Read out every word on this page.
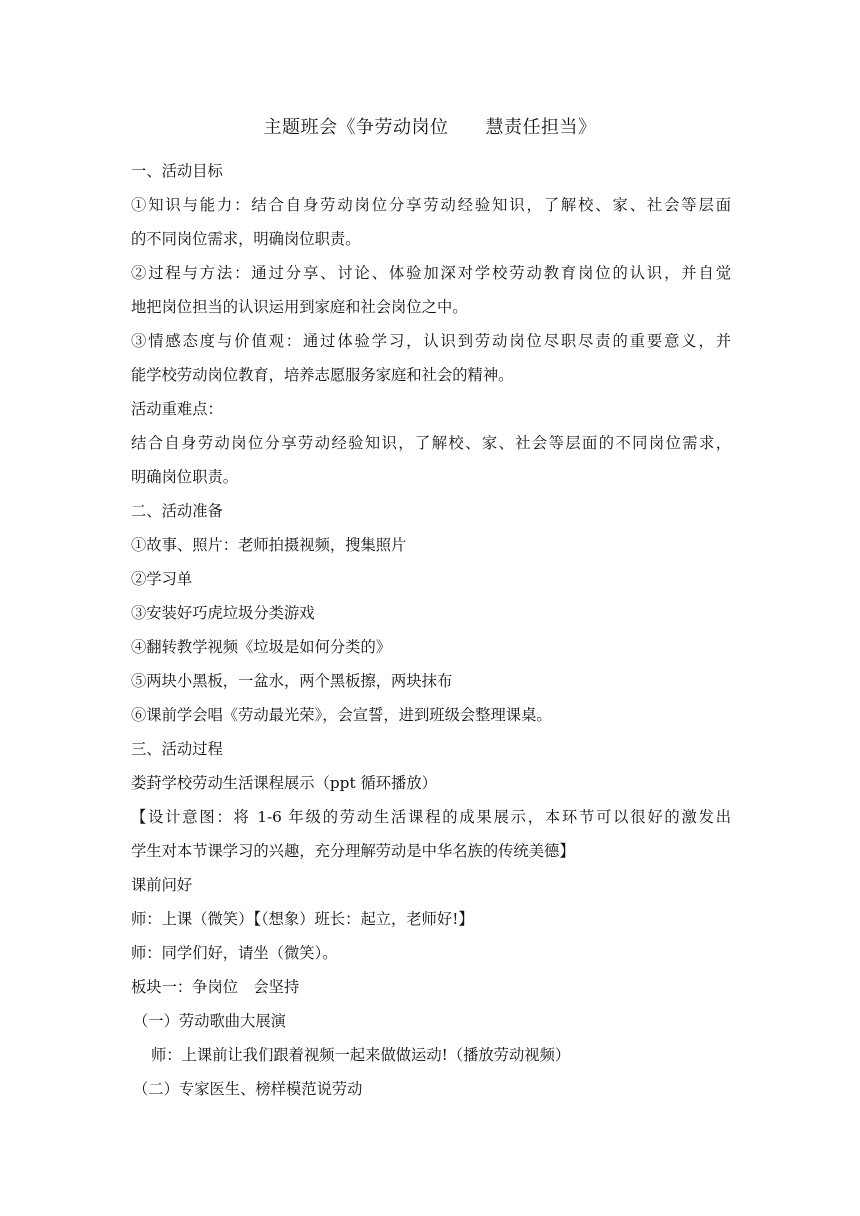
主题班会《争劳动岗位　　慧责任担当》
一、活动目标
①知识与能力：结合自身劳动岗位分享劳动经验知识，了解校、家、社会等层面
的不同岗位需求，明确岗位职责。
②过程与方法：通过分享、讨论、体验加深对学校劳动教育岗位的认识，并自觉
地把岗位担当的认识运用到家庭和社会岗位之中。
③情感态度与价值观：通过体验学习，认识到劳动岗位尽职尽责的重要意义，并
能学校劳动岗位教育，培养志愿服务家庭和社会的精神。
活动重难点：
结合自身劳动岗位分享劳动经验知识，了解校、家、社会等层面的不同岗位需求，
明确岗位职责。
二、活动准备
①故事、照片：老师拍摄视频，搜集照片
②学习单
③安装好巧虎垃圾分类游戏
④翻转教学视频《垃圾是如何分类的》
⑤两块小黑板，一盆水，两个黑板擦，两块抹布
⑥课前学会唱《劳动最光荣》，会宣誓，进到班级会整理课桌。
三、活动过程
娄葑学校劳动生活课程展示（ppt 循环播放）
【设计意图：将 1-6 年级的劳动生活课程的成果展示，本环节可以很好的激发出
学生对本节课学习的兴趣，充分理解劳动是中华名族的传统美德】
课前问好
师：上课（微笑）【（想象）班长：起立，老师好!】
师：同学们好，请坐（微笑）。
板块一：争岗位　会坚持
（一）劳动歌曲大展演
师：上课前让我们跟着视频一起来做做运动!（播放劳动视频）
（二）专家医生、榜样模范说劳动
